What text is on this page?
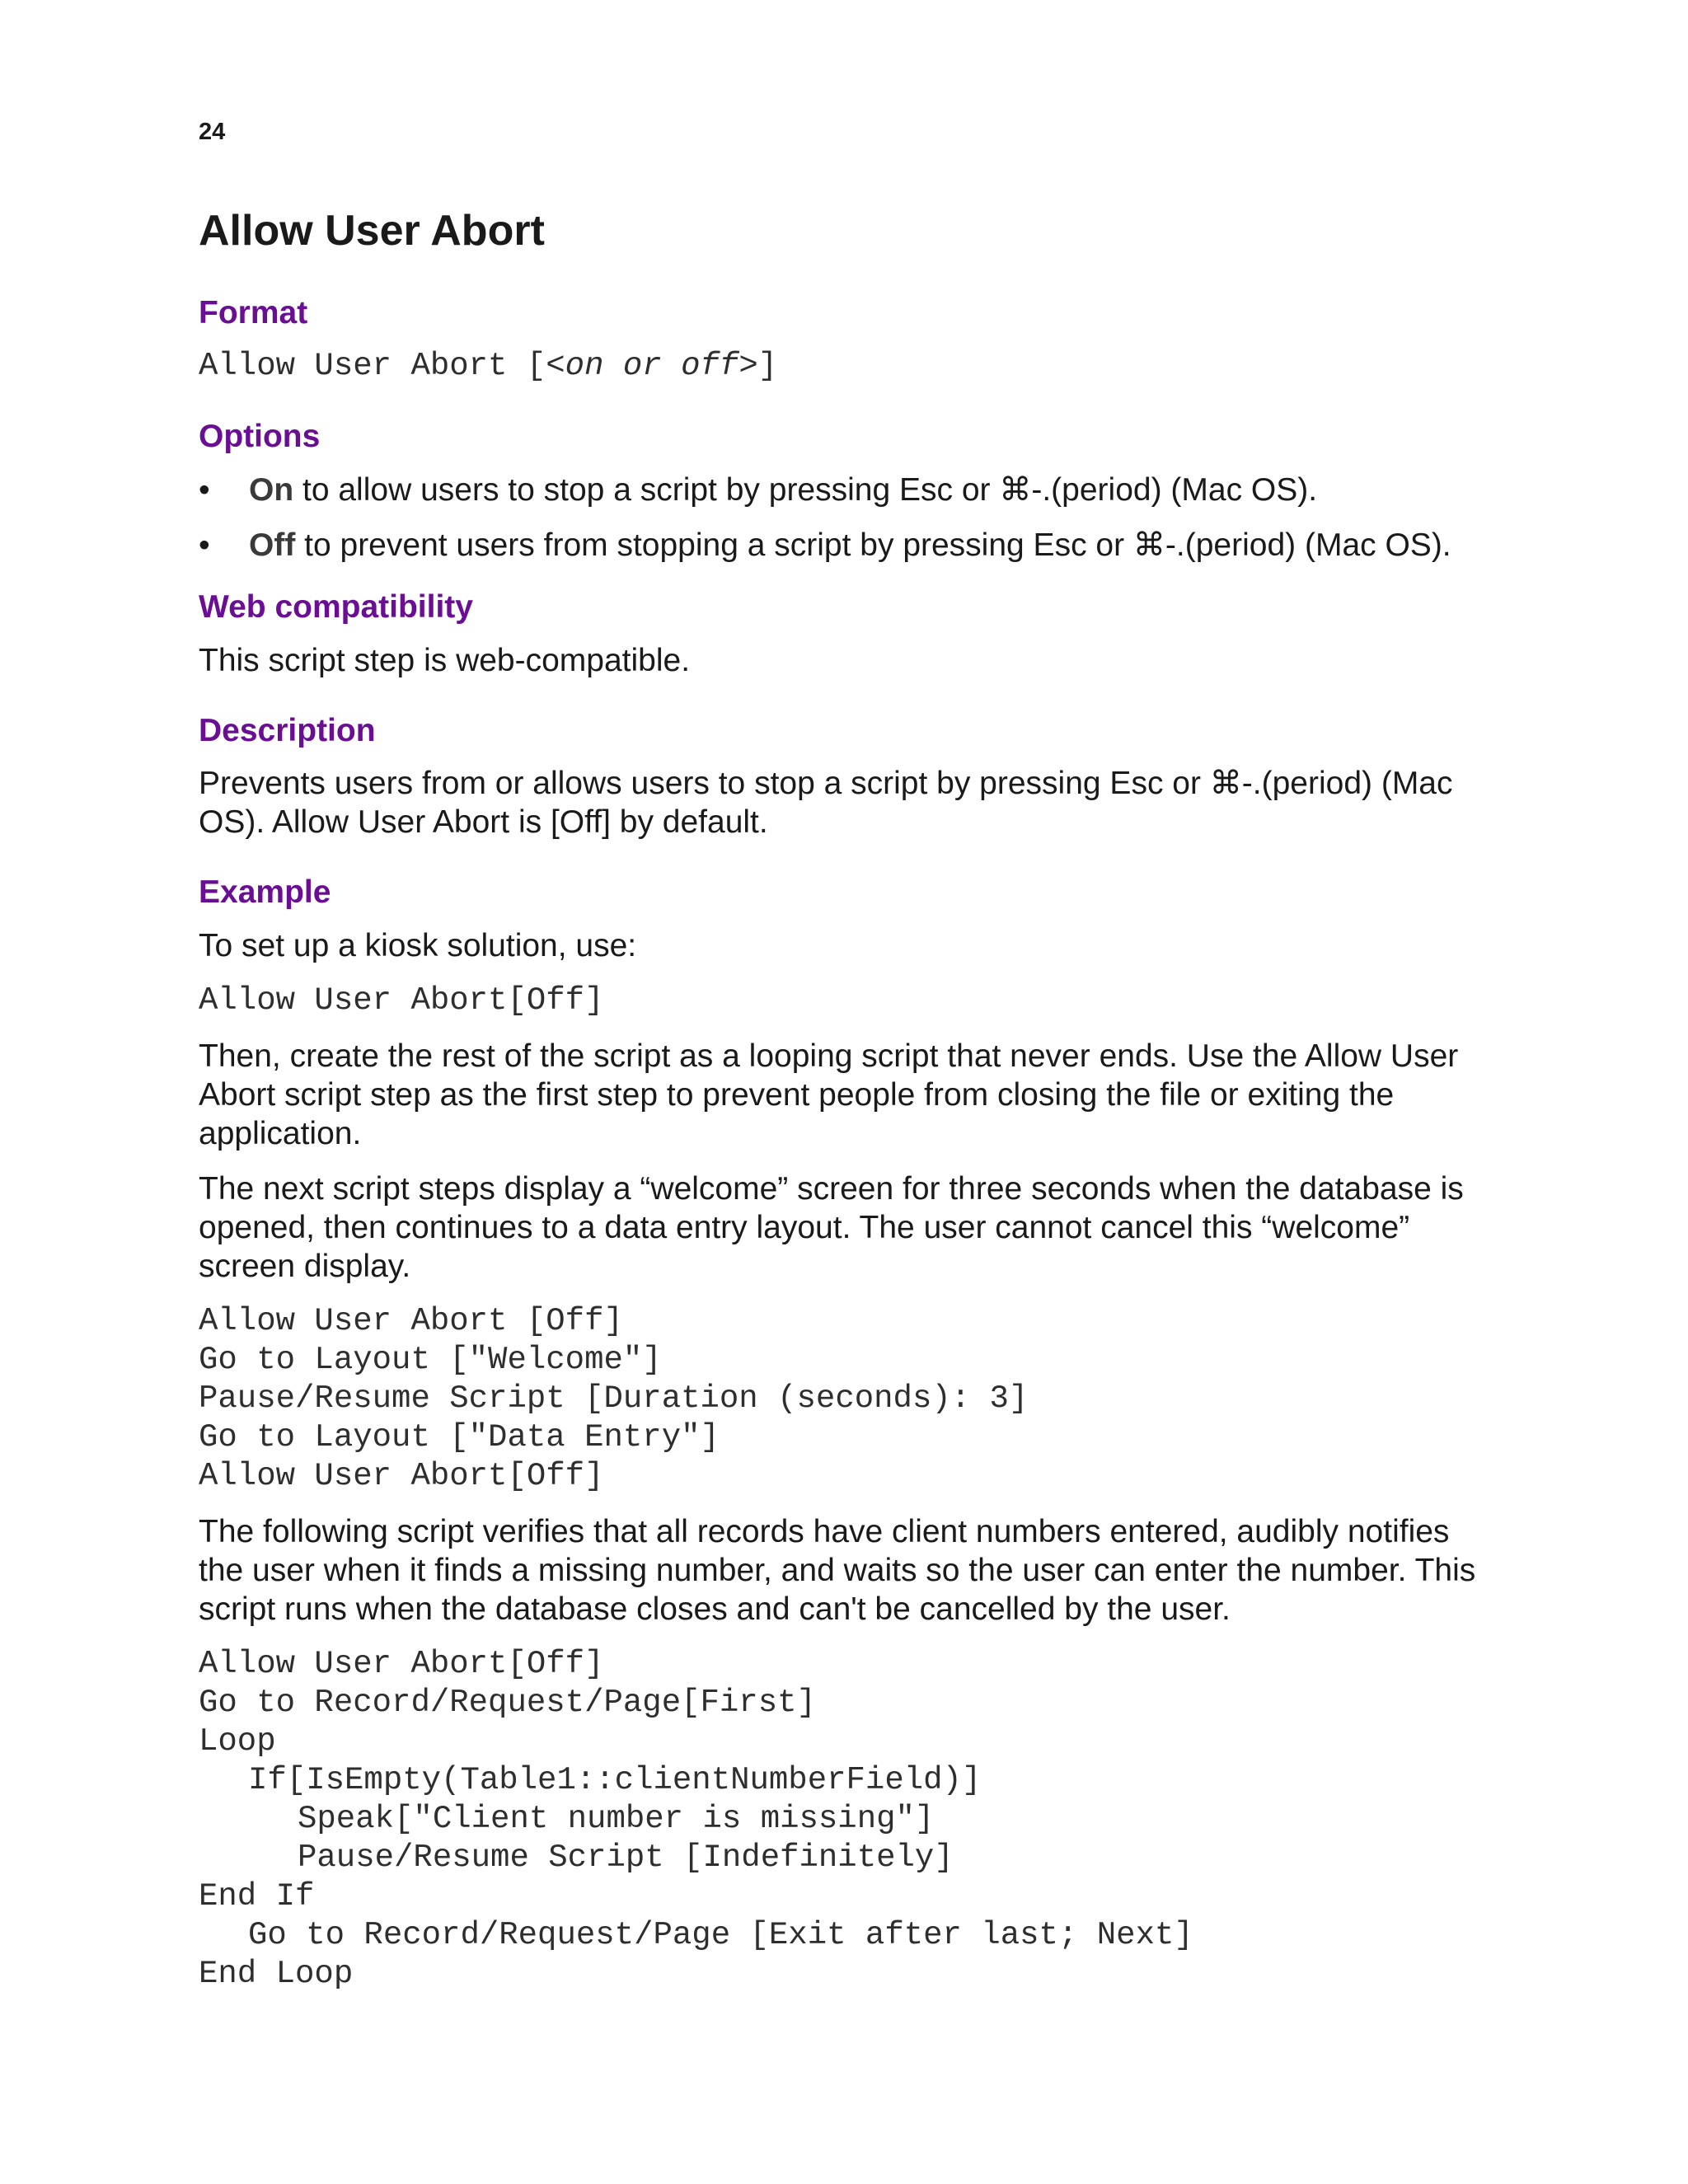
24
Allow User Abort
Format
Allow User Abort [<on or off>]
Options
• On to allow users to stop a script by pressing Esc or ⌘-.(period) (Mac OS).
• Off to prevent users from stopping a script by pressing Esc or ⌘-.(period) (Mac OS).
Web compatibility

This script step is web-compatible.

Description

Prevents users from or allows users to stop a script by pressing Esc or ⌘-.(period) (Mac OS). Allow User Abort is [Off] by default.

Example

To set up a kiosk solution, use:

Allow User Abort[Off]

Then, create the rest of the script as a looping script that never ends. Use the Allow User Abort script step as the first step to prevent people from closing the file or exiting the application.

The next script steps display a “welcome” screen for three seconds when the database is opened, then continues to a data entry layout. The user cannot cancel this “welcome” screen display.

Allow User Abort [Off]
Go to Layout ["Welcome"]
Pause/Resume Script [Duration (seconds): 3]
Go to Layout ["Data Entry"]
Allow User Abort[Off]

The following script verifies that all records have client numbers entered, audibly notifies the user when it finds a missing number, and waits so the user can enter the number. This script runs when the database closes and can't be cancelled by the user.

Allow User Abort[Off]
Go to Record/Request/Page[First]
Loop
If[IsEmpty(Table1::clientNumberField)]
Speak["Client number is missing"]
Pause/Resume Script [Indefinitely]
End If
Go to Record/Request/Page [Exit after last; Next]
End Loop
